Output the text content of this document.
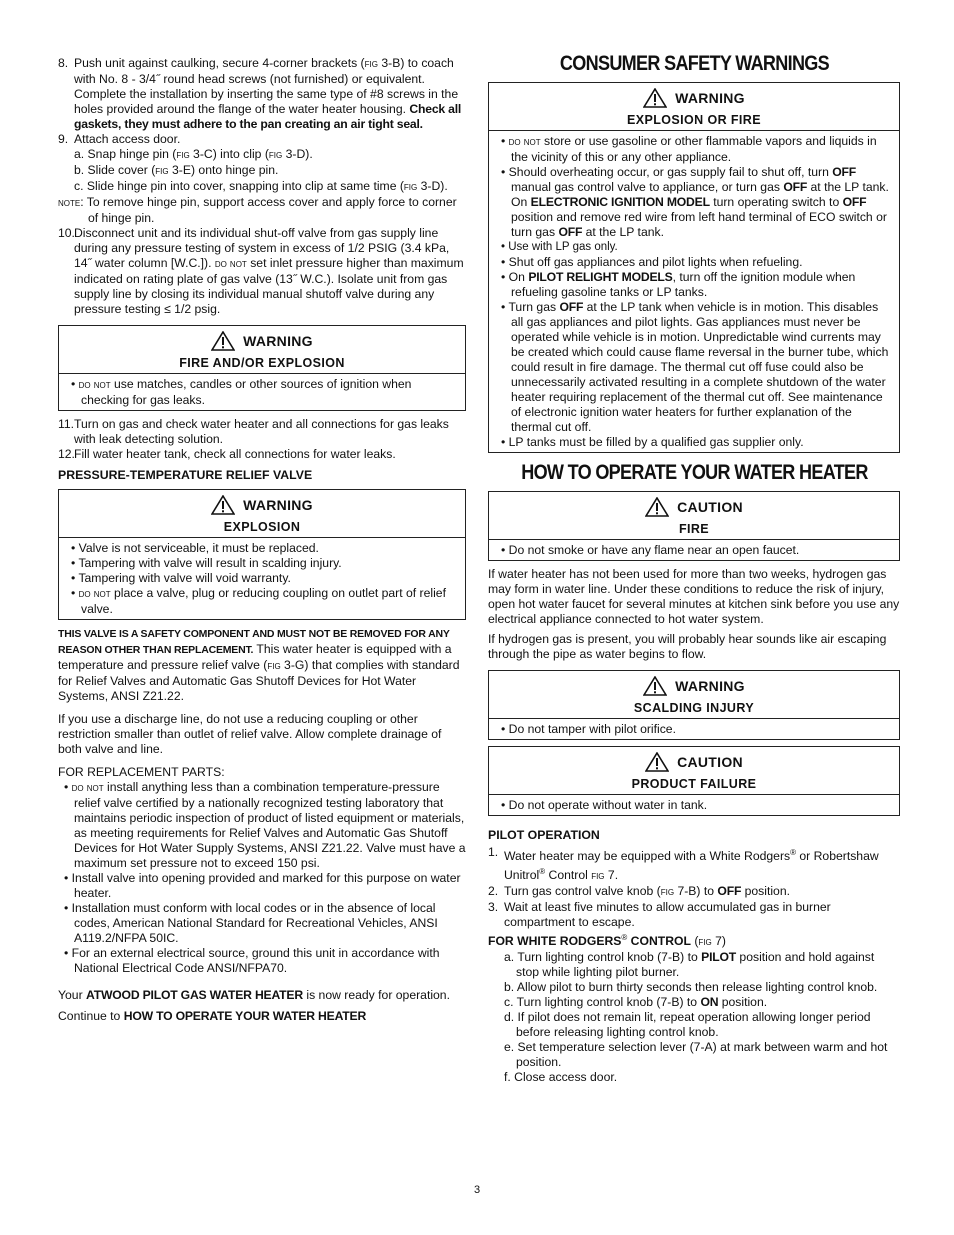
8. Push unit against caulking, secure 4-corner brackets (fig 3-B) to coach with No. 8 - 3/4˝ round head screws (not furnished) or equivalent. Complete the installation by inserting the same type of #8 screws in the holes provided around the flange of the water heater housing. Check all gaskets, they must adhere to the pan creating an air tight seal.
9. Attach access door.
a. Snap hinge pin (fig 3-C) into clip (fig 3-D).
b. Slide cover (fig 3-E) onto hinge pin.
c. Slide hinge pin into cover, snapping into clip at same time (fig 3-D).
note: To remove hinge pin, support access cover and apply force to corner of hinge pin.
10. Disconnect unit and its individual shut-off valve from gas supply line during any pressure testing of system in excess of 1/2 PSIG (3.4 kPa, 14˝ water column [W.C.]). do not set inlet pressure higher than maximum indicated on rating plate of gas valve (13˝ W.C.). Isolate unit from gas supply line by closing its individual manual shutoff valve during any pressure testing ≤ 1/2 psig.
WARNING
FIRE AND/OR EXPLOSION
• do not use matches, candles or other sources of ignition when checking for gas leaks.
11. Turn on gas and check water heater and all connections for gas leaks with leak detecting solution.
12. Fill water heater tank, check all connections for water leaks.
PRESSURE-TEMPERATURE RELIEF VALVE
WARNING
EXPLOSION
• Valve is not serviceable, it must be replaced.
• Tampering with valve will result in scalding injury.
• Tampering with valve will void warranty.
• do not place a valve, plug or reducing coupling on outlet part of relief valve.

THIS VALVE IS A SAFETY COMPONENT AND MUST NOT BE REMOVED FOR ANY REASON OTHER THAN REPLACEMENT. This water heater is equipped with a temperature and pressure relief valve (fig 3-G) that complies with standard for Relief Valves and Automatic Gas Shutoff Devices for Hot Water Systems, ANSI Z21.22.

If you use a discharge line, do not use a reducing coupling or other restriction smaller than outlet of relief valve. Allow complete drainage of both valve and line.

FOR REPLACEMENT PARTS:

• do not install anything less than a combination temperature-pressure relief valve certified by a nationally recognized testing laboratory that maintains periodic inspection of product of listed equipment or materials, as meeting requirements for Relief Valves and Automatic Gas Shutoff Devices for Hot Water Supply Systems, ANSI Z21.22. Valve must have a maximum set pressure not to exceed 150 psi.
• Install valve into opening provided and marked for this purpose on water heater.
• Installation must conform with local codes or in the absence of local codes, American National Standard for Recreational Vehicles, ANSI A119.2/NFPA 50IC.
• For an external electrical source, ground this unit in accordance with National Electrical Code ANSI/NFPA70.

Your ATWOOD PILOT GAS WATER HEATER is now ready for operation.

Continue to HOW TO OPERATE YOUR WATER HEATER

CONSUMER SAFETY WARNINGS
WARNING
EXPLOSION OR FIRE
• do not store or use gasoline or other flammable vapors and liquids in the vicinity of this or any other appliance.
• Should overheating occur, or gas supply fail to shut off, turn OFF manual gas control valve to appliance, or turn gas OFF at the LP tank. On ELECTRONIC IGNITION MODEL turn operating switch to OFF position and remove red wire from left hand terminal of ECO switch or turn gas OFF at the LP tank.
• Use with LP gas only.
• Shut off gas appliances and pilot lights when refueling.
• On PILOT RELIGHT MODELS, turn off the ignition module when refueling gasoline tanks or LP tanks.
• Turn gas OFF at the LP tank when vehicle is in motion. This disables all gas appliances and pilot lights. Gas appliances must never be operated while vehicle is in motion. Unpredictable wind currents may be created which could cause flame reversal in the burner tube, which could result in fire damage. The thermal cut off fuse could also be unnecessarily activated resulting in a complete shutdown of the water heater requiring replacement of the thermal cut off. See maintenance of electronic ignition water heaters for further explanation of the thermal cut off.
• LP tanks must be filled by a qualified gas supplier only.
HOW TO OPERATE YOUR WATER HEATER
CAUTION
FIRE
• Do not smoke or have any flame near an open faucet.

If water heater has not been used for more than two weeks, hydrogen gas may form in water line. Under these conditions to reduce the risk of injury, open hot water faucet for several minutes at kitchen sink before you use any electrical appliance connected to hot water system.

If hydrogen gas is present, you will probably hear sounds like air escaping through the pipe as water begins to flow.

WARNING
SCALDING INJURY
• Do not tamper with pilot orifice.
CAUTION
PRODUCT FAILURE
• Do not operate without water in tank.
PILOT OPERATION
1. Water heater may be equipped with a White Rodgers® or Robertshaw Unitrol® Control fig 7.
2. Turn gas control valve knob (fig 7-B) to OFF position.
3. Wait at least five minutes to allow accumulated gas in burner compartment to escape.
FOR WHITE RODGERS® CONTROL (fig 7)
a. Turn lighting control knob (7-B) to PILOT position and hold against stop while lighting pilot burner.
b. Allow pilot to burn thirty seconds then release lighting control knob.
c. Turn lighting control knob (7-B) to ON position.
d. If pilot does not remain lit, repeat operation allowing longer period before releasing lighting control knob.
e. Set temperature selection lever (7-A) at mark between warm and hot position.
f. Close access door.
3
